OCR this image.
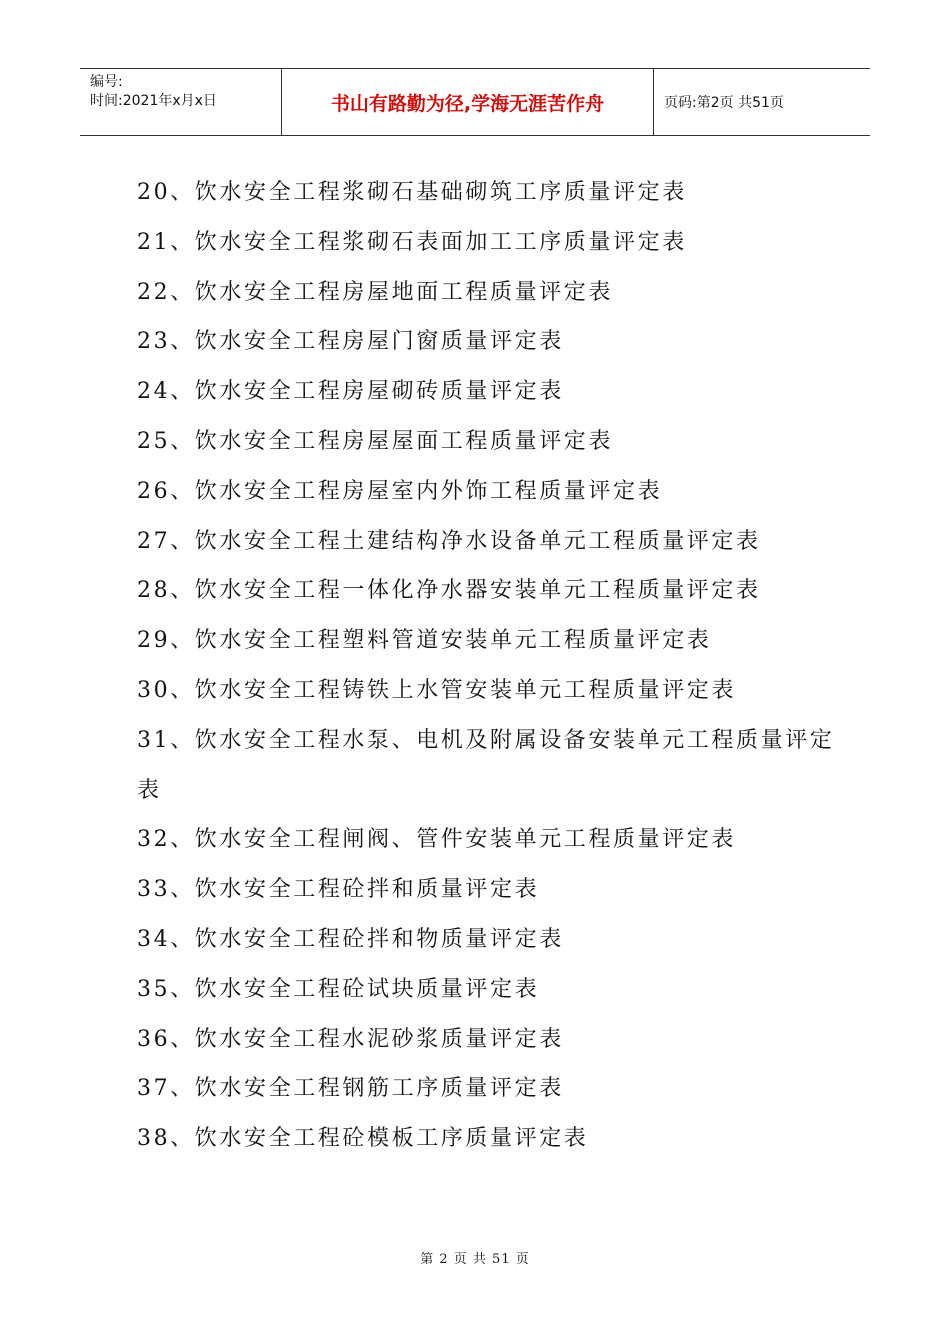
编号:
时间:2021年x月x日	书山有路勤为径,学海无涯苦作舟	页码:第2页 共51页
20、饮水安全工程浆砌石基础砌筑工序质量评定表
21、饮水安全工程浆砌石表面加工工序质量评定表
22、饮水安全工程房屋地面工程质量评定表
23、饮水安全工程房屋门窗质量评定表
24、饮水安全工程房屋砌砖质量评定表
25、饮水安全工程房屋屋面工程质量评定表
26、饮水安全工程房屋室内外饰工程质量评定表
27、饮水安全工程土建结构净水设备单元工程质量评定表
28、饮水安全工程一体化净水器安装单元工程质量评定表
29、饮水安全工程塑料管道安装单元工程质量评定表
30、饮水安全工程铸铁上水管安装单元工程质量评定表
31、饮水安全工程水泵、电机及附属设备安装单元工程质量评定表
32、饮水安全工程闸阀、管件安装单元工程质量评定表
33、饮水安全工程砼拌和质量评定表
34、饮水安全工程砼拌和物质量评定表
35、饮水安全工程砼试块质量评定表
36、饮水安全工程水泥砂浆质量评定表
37、饮水安全工程钢筋工序质量评定表
38、饮水安全工程砼模板工序质量评定表
第 2 页 共 51 页
